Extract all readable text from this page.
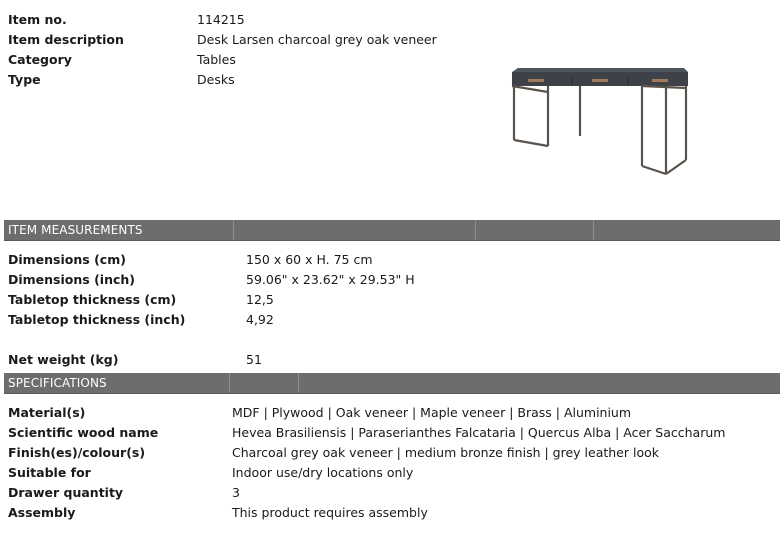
Item no.	114215
Item description	Desk Larsen charcoal grey oak veneer
Category	Tables
Type	Desks
ITEM MEASUREMENTS
Dimensions (cm)	150 x 60 x H. 75 cm
Dimensions (inch)	59.06" x 23.62" x 29.53" H
Tabletop thickness (cm)	12,5
Tabletop thickness (inch)	4,92
Net weight (kg)	51
SPECIFICATIONS
Material(s)	MDF | Plywood | Oak veneer | Maple veneer | Brass | Aluminium
Scientific wood name	Hevea Brasiliensis | Paraserianthes Falcataria | Quercus Alba | Acer Saccharum
Finish(es)/colour(s)	Charcoal grey oak veneer | medium bronze finish | grey leather look
Suitable for	Indoor use/dry locations only
Drawer quantity	3
Assembly	This product requires assembly
